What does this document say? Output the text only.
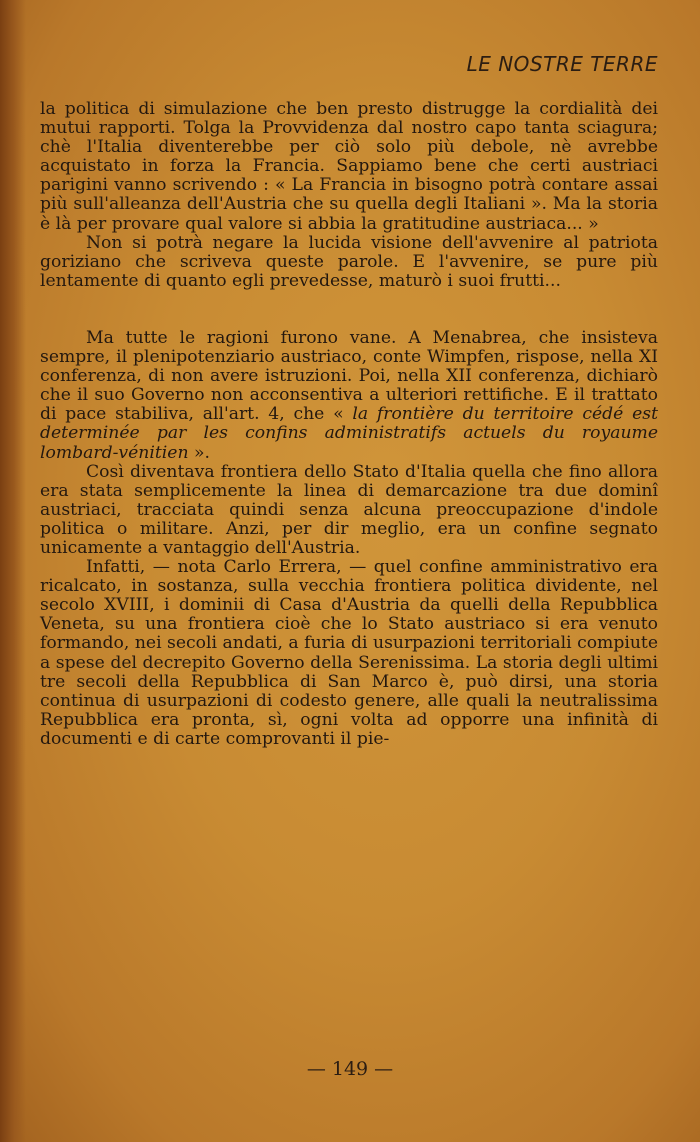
LE NOSTRE TERRE

la politica di simulazione che ben presto distrugge la cordialità dei mutui rapporti. Tolga la Provvidenza dal nostro capo tanta sciagura; chè l'Italia diventerebbe per ciò solo più debole, nè avrebbe acquistato in forza la Francia. Sappiamo bene che certi austriaci parigini vanno scrivendo : « La Francia in bisogno potrà contare assai più sull'alleanza dell'Austria che su quella degli Italiani ». Ma la storia è là per provare qual valore si abbia la gratitudine austriaca... »

Non si potrà negare la lucida visione dell'avvenire al patriota goriziano che scriveva queste parole. E l'avvenire, se pure più lentamente di quanto egli prevedesse, maturò i suoi frutti...

Ma tutte le ragioni furono vane. A Menabrea, che insisteva sempre, il plenipotenziario austriaco, conte Wimpfen, rispose, nella XI conferenza, di non avere istruzioni. Poi, nella XII conferenza, dichiarò che il suo Governo non acconsentiva a ulteriori rettifiche. E il trattato di pace stabiliva, all'art. 4, che « la frontière du territoire cédé est determinée par les confins administratifs actuels du royaume lombard-vénitien ».

Così diventava frontiera dello Stato d'Italia quella che fino allora era stata semplicemente la linea di demarcazione tra due dominî austriaci, tracciata quindi senza alcuna preoccupazione d'indole politica o militare. Anzi, per dir meglio, era un confine segnato unicamente a vantaggio dell'Austria.

Infatti, — nota Carlo Errera, — quel confine amministrativo era ricalcato, in sostanza, sulla vecchia frontiera politica dividente, nel secolo XVIII, i dominii di Casa d'Austria da quelli della Repubblica Veneta, su una frontiera cioè che lo Stato austriaco si era venuto formando, nei secoli andati, a furia di usurpazioni territoriali compiute a spese del decrepito Governo della Serenissima. La storia degli ultimi tre secoli della Repubblica di San Marco è, può dirsi, una storia continua di usurpazioni di codesto genere, alle quali la neutralissima Repubblica era pronta, sì, ogni volta ad opporre una infinità di documenti e di carte comprovanti il pie-

— 149 —
